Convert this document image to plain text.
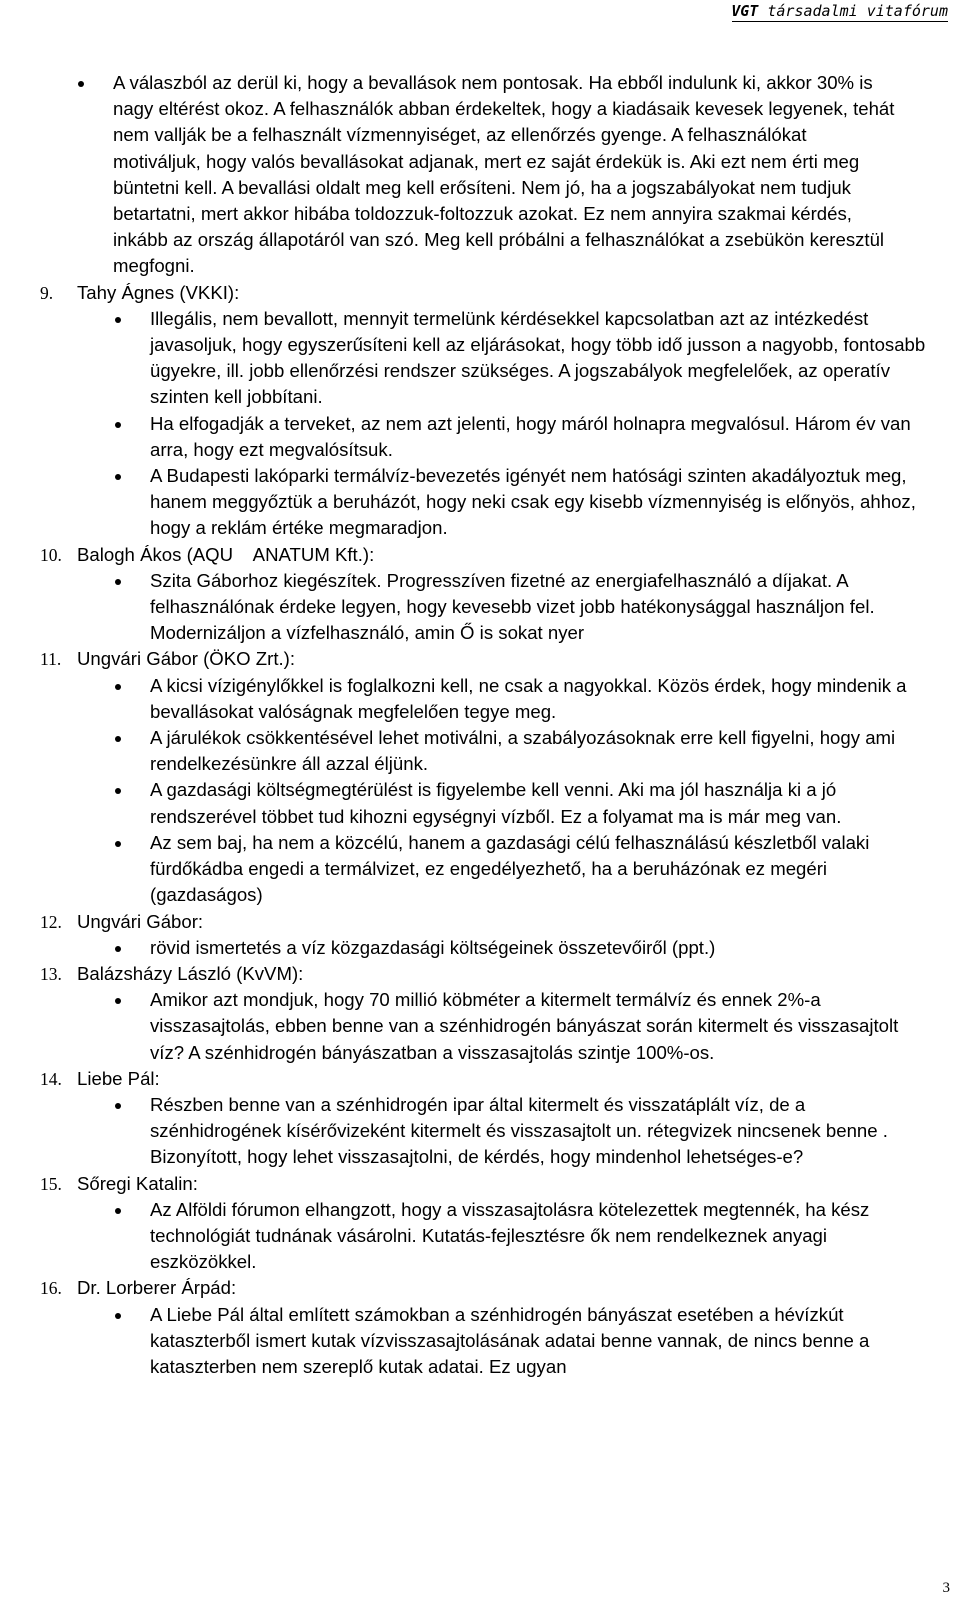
VGT társadalmi vitafórum
A válaszból az derül ki, hogy a bevallások nem pontosak. Ha ebből indulunk ki, akkor 30% is nagy eltérést okoz. A felhasználók abban érdekeltek, hogy a kiadásaik kevesek legyenek, tehát nem vallják be a felhasznált vízmennyiséget, az ellenőrzés gyenge. A felhasználókat motiváljuk, hogy valós bevallásokat adjanak, mert ez saját érdekük is. Aki ezt nem érti meg büntetni kell. A bevallási oldalt meg kell erősíteni. Nem jó, ha a jogszabályokat nem tudjuk betartatni, mert akkor hibába toldozzuk-foltozzuk azokat. Ez nem annyira szakmai kérdés, inkább az ország állapotáról van szó. Meg kell próbálni a felhasználókat a zsebükön keresztül megfogni.
9. Tahy Ágnes (VKKI):
Illegális, nem bevallott, mennyit termelünk kérdésekkel kapcsolatban azt az intézkedést javasoljuk, hogy egyszerűsíteni kell az eljárásokat, hogy több idő jusson a nagyobb, fontosabb ügyekre, ill. jobb ellenőrzési rendszer szükséges. A jogszabályok megfelelőek, az operatív szinten kell jobbítani.
Ha elfogadják a terveket, az nem azt jelenti, hogy máról holnapra megvalósul. Három év van arra, hogy ezt megvalósítsuk.
A Budapesti lakóparki termálvíz-bevezetés igényét nem hatósági szinten akadályoztuk meg, hanem meggyőztük a beruházót, hogy neki csak egy kisebb vízmennyiség is előnyös, ahhoz, hogy a reklám értéke megmaradjon.
10. Balogh Ákos (AQU    ANATUM Kft.):
Szita Gáborhoz kiegészítek. Progresszíven fizetné az energiafelhasználó a díjakat. A felhasználónak érdeke legyen, hogy kevesebb vizet jobb hatékonysággal használjon fel. Modernizáljon a vízfelhasználó, amin Ő is sokat nyer
11. Ungvári Gábor (ÖKO Zrt.):
A kicsi vízigénylőkkel is foglalkozni kell, ne csak a nagyokkal. Közös érdek, hogy mindenik a bevallásokat valóságnak megfelelően tegye meg.
A járulékok csökkentésével lehet motiválni, a szabályozásoknak erre kell figyelni, hogy ami rendelkezésünkre áll azzal éljünk.
A gazdasági költségmegtérülést is figyelembe kell venni. Aki ma jól használja ki a jó rendszerével többet tud kihozni egységnyi vízből. Ez a folyamat ma is már meg van.
Az sem baj, ha nem a közcélú, hanem a gazdasági célú felhasználású készletből valaki fürdőkádba engedi a termálvizet, ez engedélyezhető, ha a beruházónak ez megéri (gazdaságos)
12. Ungvári Gábor:
rövid ismertetés a víz közgazdasági költségeinek összetevőiről (ppt.)
13. Balázsházy László (KvVM):
Amikor azt mondjuk, hogy 70 millió köbméter a kitermelt termálvíz és ennek 2%-a visszasajtolás, ebben benne van a szénhidrogén bányászat során kitermelt és visszasajtolt víz? A szénhidrogén bányászatban a visszasajtolás szintje 100%-os.
14. Liebe Pál:
Részben benne van a szénhidrogén ipar által kitermelt és visszatáplált víz, de a szénhidrogének kísérővizeként kitermelt és visszasajtolt un. rétegvizek nincsenek benne . Bizonyított, hogy lehet visszasajtolni, de kérdés, hogy mindenhol lehetséges-e?
15. Sőregi Katalin:
Az Alföldi fórumon elhangzott, hogy a visszasajtolásra kötelezettek megtennék, ha kész technológiát tudnának vásárolni. Kutatás-fejlesztésre ők nem rendelkeznek anyagi eszközökkel.
16. Dr. Lorberer Árpád:
A Liebe Pál által említett számokban a szénhidrogén bányászat esetében a hévízkút kataszterből ismert kutak vízvisszasajtolásának adatai benne vannak, de nincs benne a kataszterben nem szereplő kutak adatai. Ez ugyan
3
